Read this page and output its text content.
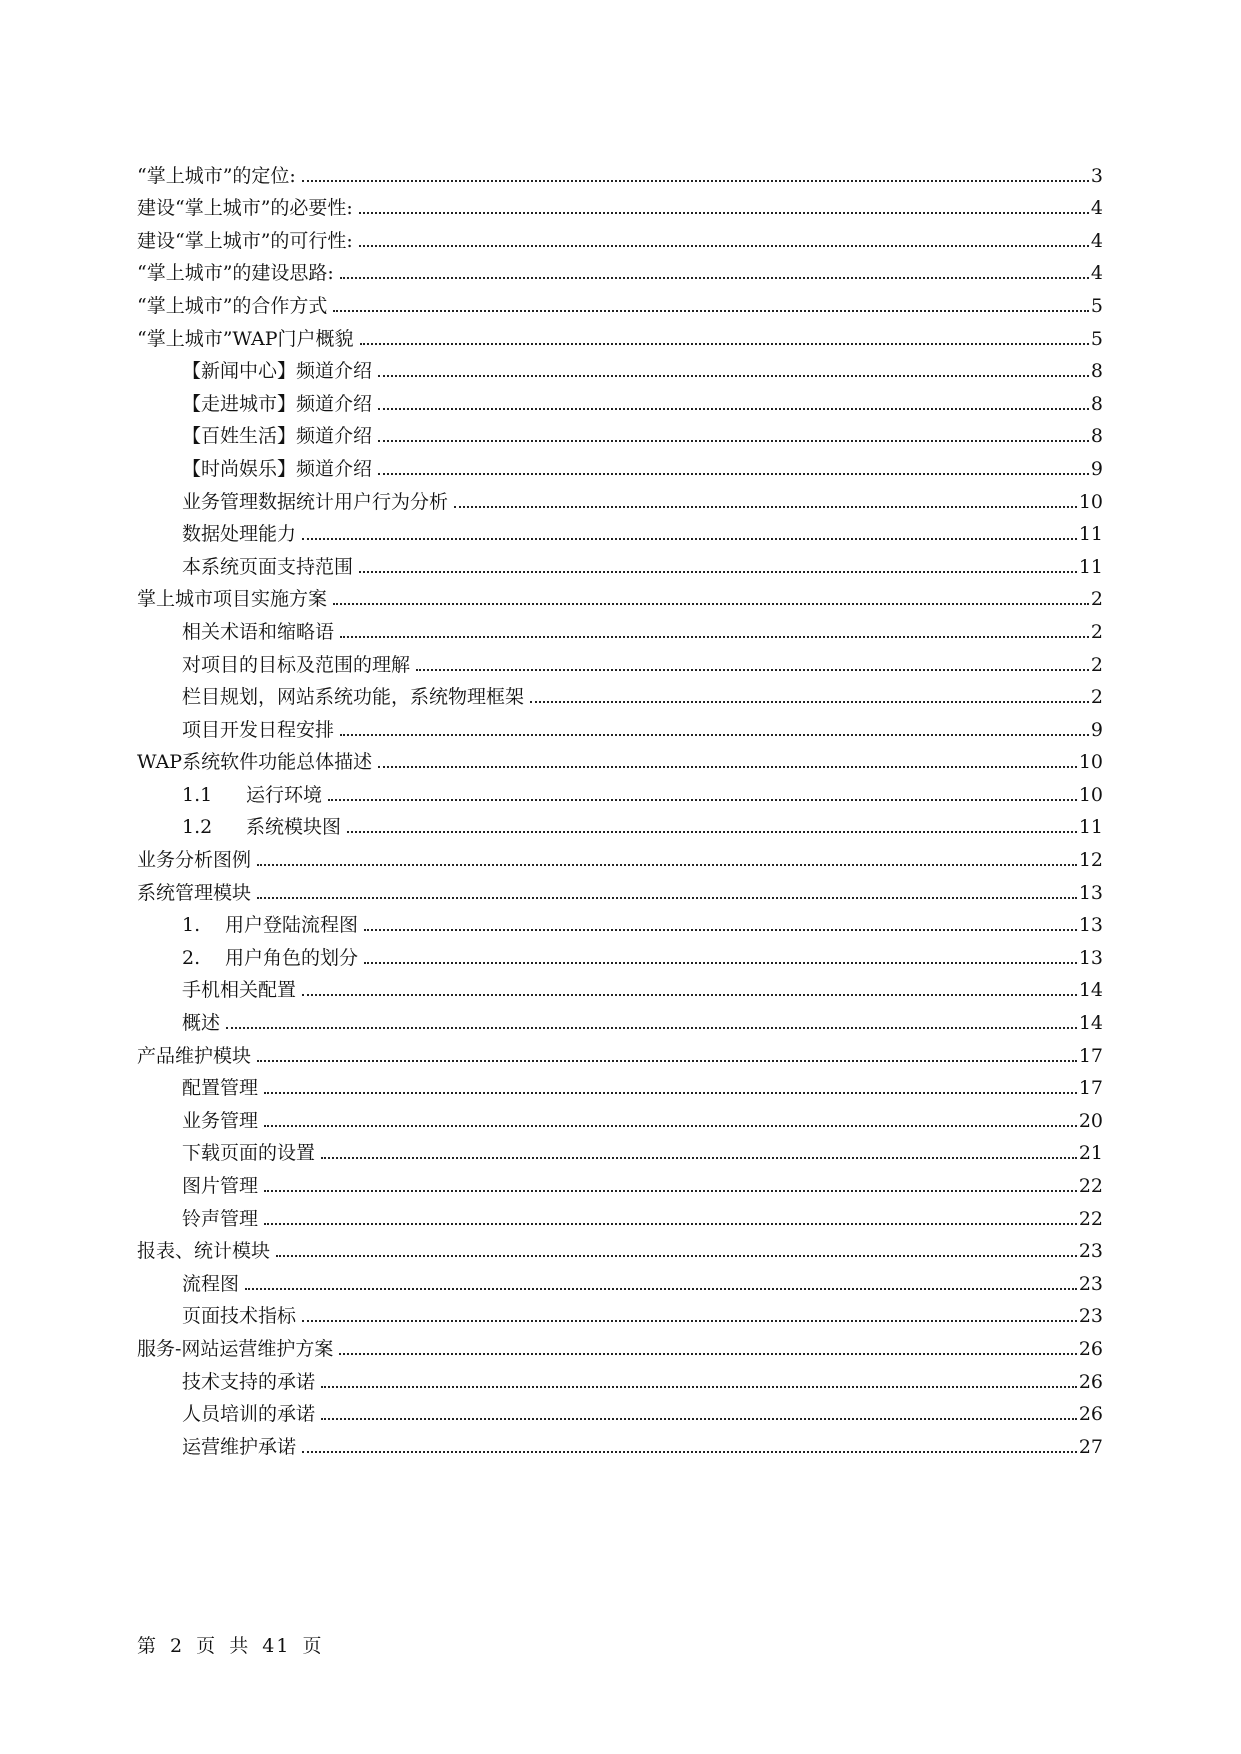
“掌上城市”的定位:	3
建设“掌上城市”的必要性:	4
建设“掌上城市”的可行性:	4
“掌上城市”的建设思路:	4
“掌上城市”的合作方式	5
“掌上城市”WAP门户概貌	5
【新闻中心】频道介绍	8
【走进城市】频道介绍	8
【百姓生活】频道介绍	8
【时尚娱乐】频道介绍	9
业务管理数据统计用户行为分析	10
数据处理能力	11
本系统页面支持范围	11
掌上城市项目实施方案	2
相关术语和缩略语	2
对项目的目标及范围的理解	2
栏目规划，网站系统功能，系统物理框架	2
项目开发日程安排	9
WAP系统软件功能总体描述	10
1.1	运行环境	10
1.2	系统模块图	11
业务分析图例	12
系统管理模块	13
1.	用户登陆流程图	13
2.	用户角色的划分	13
手机相关配置	14
概述	14
产品维护模块	17
配置管理	17
业务管理	20
下载页面的设置	21
图片管理	22
铃声管理	22
报表、统计模块	23
流程图	23
页面技术指标	23
服务-网站运营维护方案	26
技术支持的承诺	26
人员培训的承诺	26
运营维护承诺	27
第 2 页 共 41 页
